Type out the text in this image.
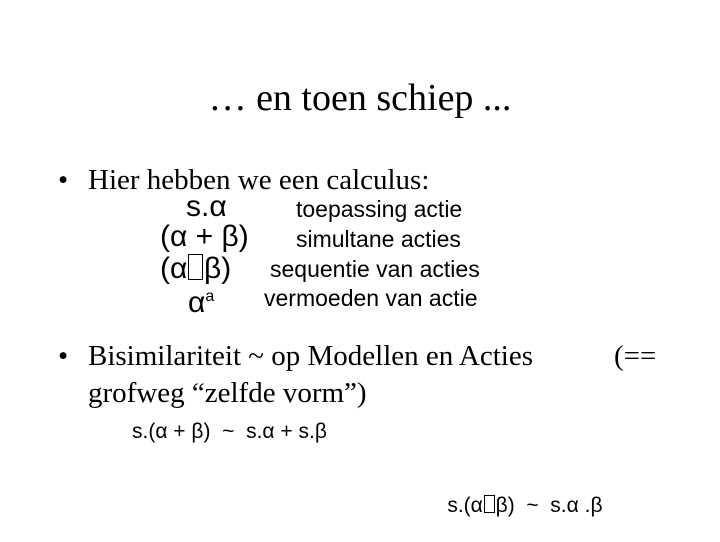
… en toen schiep ...
• Hier hebben we een calculus:
s.α
(α + β)
(α β)
$\alpha^a$
toepassing actie
simultane acties
sequentie van acties
vermoeden van actie
• Bisimilariteit ~ op Modellen en Acties	(==
grofweg “zelfde vorm”)
s.(α + β)  ~  s.α + s.β

s.(α β)  ~  s.α .β
